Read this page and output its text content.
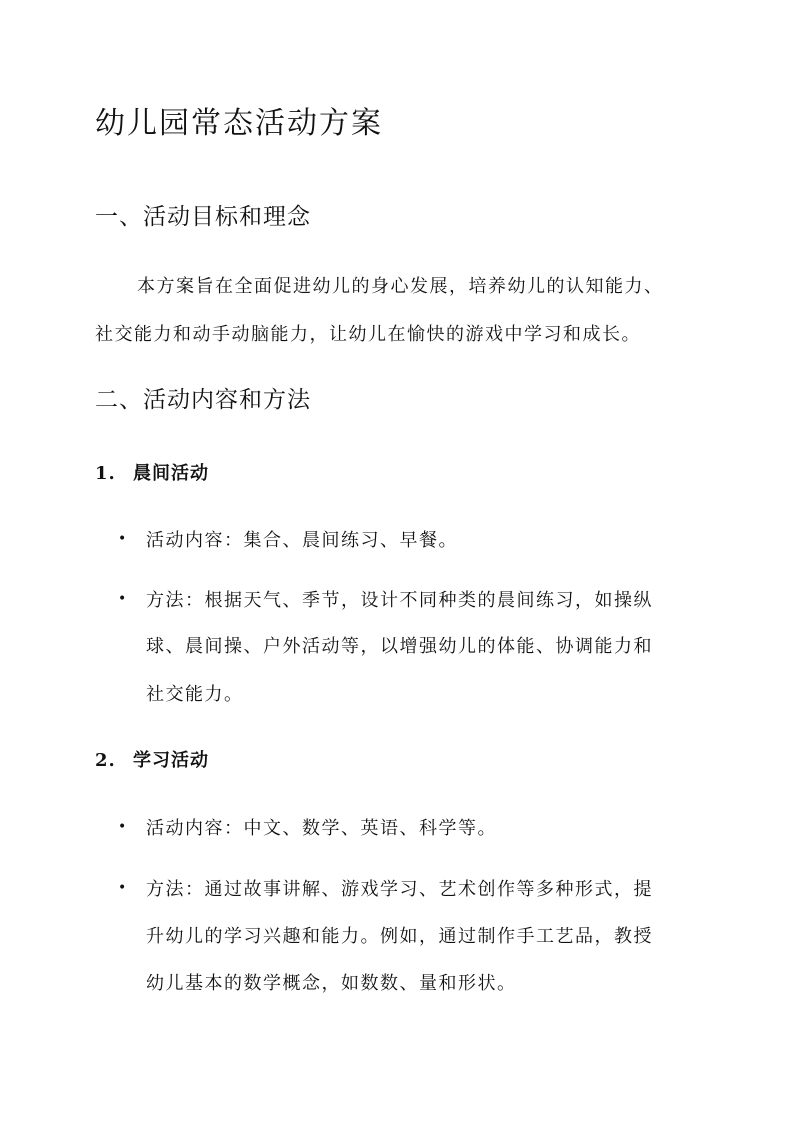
幼儿园常态活动方案
一、活动目标和理念

本方案旨在全面促进幼儿的身心发展，培养幼儿的认知能力、

社交能力和动手动脑能力，让幼儿在愉快的游戏中学习和成长。

二、活动内容和方法
1. 晨间活动
• 活动内容：集合、晨间练习、早餐。

• 方法：根据天气、季节，设计不同种类的晨间练习，如操纵

球、晨间操、户外活动等，以增强幼儿的体能、协调能力和

社交能力。

2. 学习活动
• 活动内容：中文、数学、英语、科学等。

• 方法：通过故事讲解、游戏学习、艺术创作等多种形式，提

升幼儿的学习兴趣和能力。例如，通过制作手工艺品，教授

幼儿基本的数学概念，如数数、量和形状。
